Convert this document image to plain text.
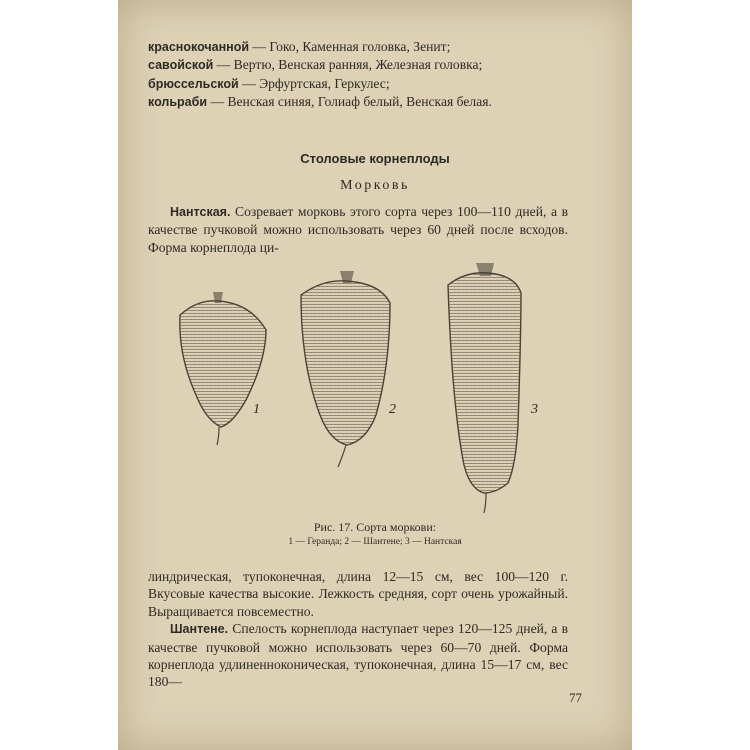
краснокочанной — Гоко, Каменная головка, Зенит;

савойской — Вертю, Венская ранняя, Железная головка;

брюссельской — Эрфуртская, Геркулес;

кольраби — Венская синяя, Голиаф белый, Венская белая.

Столовые корнеплоды
Морковь

Нантская. Созревает морковь этого сорта через 100—110 дней, а в качестве пучковой можно использовать через 60 дней после всходов. Форма корнеплода ци-

1	2	3
Рис. 17. Сорта моркови:
1 — Геранда; 2 — Шантене; 3 — Нантская

линдрическая, тупоконечная, длина 12—15 см, вес 100—120 г. Вкусовые качества высокие. Лежкость средняя, сорт очень урожайный. Выращивается повсеместно.

Шантене. Спелость корнеплода наступает через 120—125 дней, а в качестве пучковой можно использовать через 60—70 дней. Форма корнеплода удлиненноконическая, тупоконечная, длина 15—17 см, вес 180—

77
